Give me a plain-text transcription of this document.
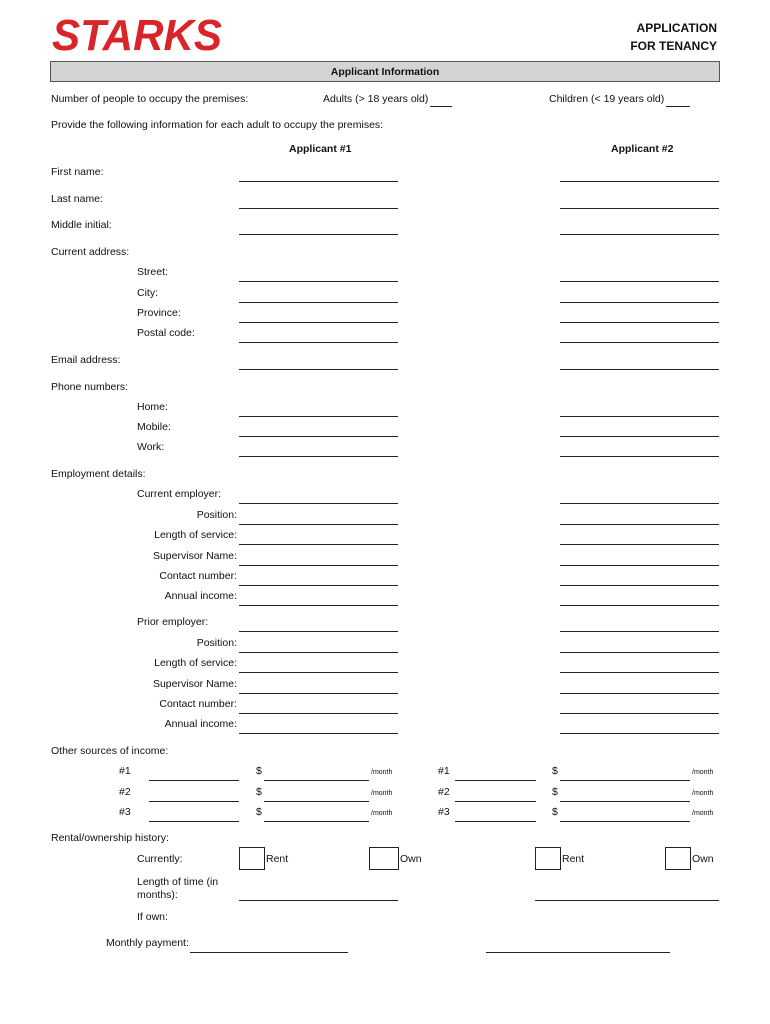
STARKS	APPLICATION
FOR TENANCY
Applicant Information
Number of people to occupy the premises:	Adults (> 18 years old)	Children (< 19 years old)
Provide the following information for each adult to occupy the premises:
Applicant #1	Applicant #2
First name:
Last name:
Middle initial:
Current address:
Street:
City:
Province:
Postal code:
Email address:
Phone numbers:
Home:
Mobile:
Work:
Employment details:
Current employer:
Position:
Length of service:
Supervisor Name:
Contact number:
Annual income:
Prior employer:
Position:
Length of service:
Supervisor Name:
Contact number:
Annual income:
Other sources of income:
#1	$	/month	#1	$	/month
#2	$	/month	#2	$	/month
#3	$	/month	#3	$	/month
Rental/ownership history:
Currently:	Rent	Own	Rent	Own
Length of time (in months):
If own:
Monthly payment:
